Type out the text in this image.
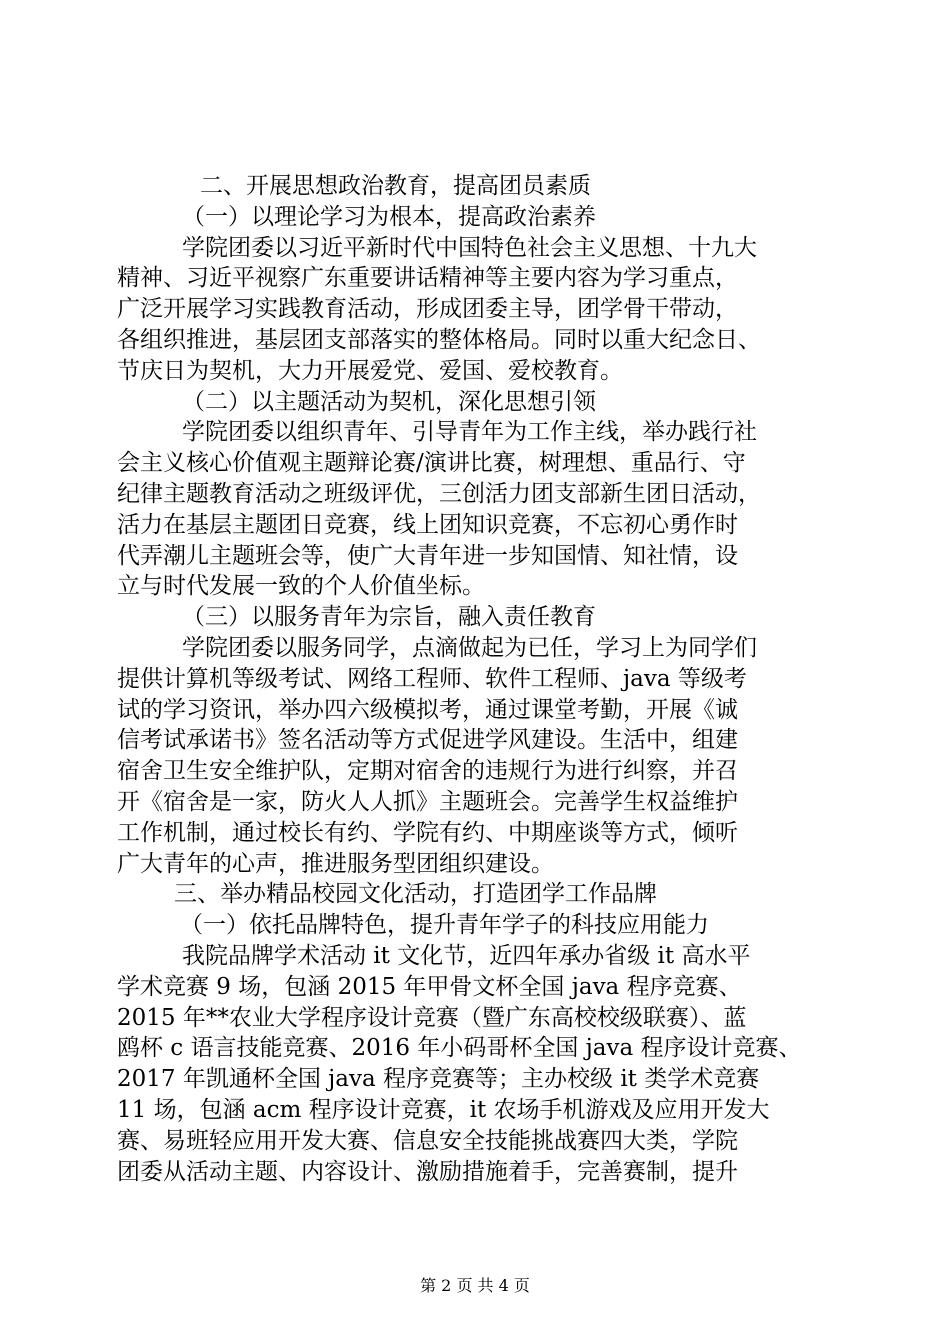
二、开展思想政治教育，提高团员素质
（一）以理论学习为根本，提高政治素养
学院团委以习近平新时代中国特色社会主义思想、十九大
精神、习近平视察广东重要讲话精神等主要内容为学习重点，
广泛开展学习实践教育活动，形成团委主导，团学骨干带动，
各组织推进，基层团支部落实的整体格局。同时以重大纪念日、
节庆日为契机，大力开展爱党、爱国、爱校教育。
（二）以主题活动为契机，深化思想引领
学院团委以组织青年、引导青年为工作主线，举办践行社
会主义核心价值观主题辩论赛/演讲比赛，树理想、重品行、守
纪律主题教育活动之班级评优，三创活力团支部新生团日活动，
活力在基层主题团日竞赛，线上团知识竞赛，不忘初心勇作时
代弄潮儿主题班会等，使广大青年进一步知国情、知社情，设
立与时代发展一致的个人价值坐标。
（三）以服务青年为宗旨，融入责任教育
学院团委以服务同学，点滴做起为已任，学习上为同学们
提供计算机等级考试、网络工程师、软件工程师、java 等级考
试的学习资讯，举办四六级模拟考，通过课堂考勤，开展《诚
信考试承诺书》签名活动等方式促进学风建设。生活中，组建
宿舍卫生安全维护队，定期对宿舍的违规行为进行纠察，并召
开《宿舍是一家，防火人人抓》主题班会。完善学生权益维护
工作机制，通过校长有约、学院有约、中期座谈等方式，倾听
广大青年的心声，推进服务型团组织建设。
三、举办精品校园文化活动，打造团学工作品牌
（一）依托品牌特色，提升青年学子的科技应用能力
我院品牌学术活动 it 文化节，近四年承办省级 it 高水平
学术竞赛 9 场，包涵 2015 年甲骨文杯全国 java 程序竞赛、
2015 年**农业大学程序设计竞赛（暨广东高校校级联赛）、蓝
鸥杯 c 语言技能竞赛、2016 年小码哥杯全国 java 程序设计竞赛、
2017 年凯通杯全国 java 程序竞赛等；主办校级 it 类学术竞赛
11 场，包涵 acm 程序设计竞赛，it 农场手机游戏及应用开发大
赛、易班轻应用开发大赛、信息安全技能挑战赛四大类，学院
团委从活动主题、内容设计、激励措施着手，完善赛制，提升
第 2 页 共 4 页
